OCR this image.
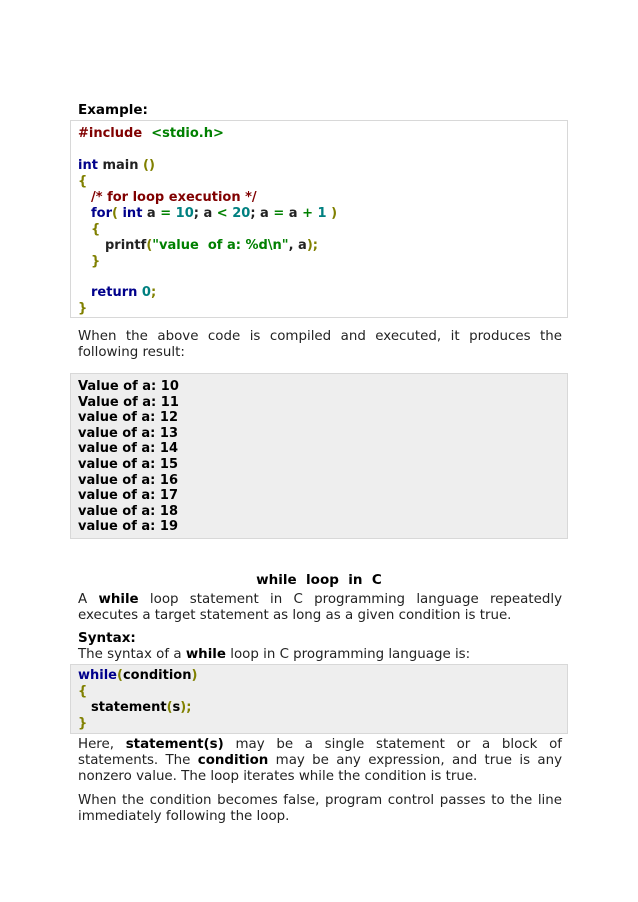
Example:
#include <stdio.h>
int main ()
{
/* for loop execution */
for( int a = 10; a < 20; a = a + 1 )
{
printf("value  of a: %d\n", a);
}
return 0;
}
When the above code is compiled and executed, it produces the following result:
Value of a: 10
Value of a: 11
value of a: 12
value of a: 13
value of a: 14
value of a: 15
value of a: 16
value of a: 17
value of a: 18
value of a: 19
while  loop  in  C
A while loop statement in C programming language repeatedly executes a target statement as long as a given condition is true.
Syntax:
The syntax of a while loop in C programming language is:
while(condition)
{
statement(s);
}
Here, statement(s) may be a single statement or a block of statements. The condition may be any expression, and true is any nonzero value. The loop iterates while the condition is true.
When the condition becomes false, program control passes to the line immediately following the loop.
